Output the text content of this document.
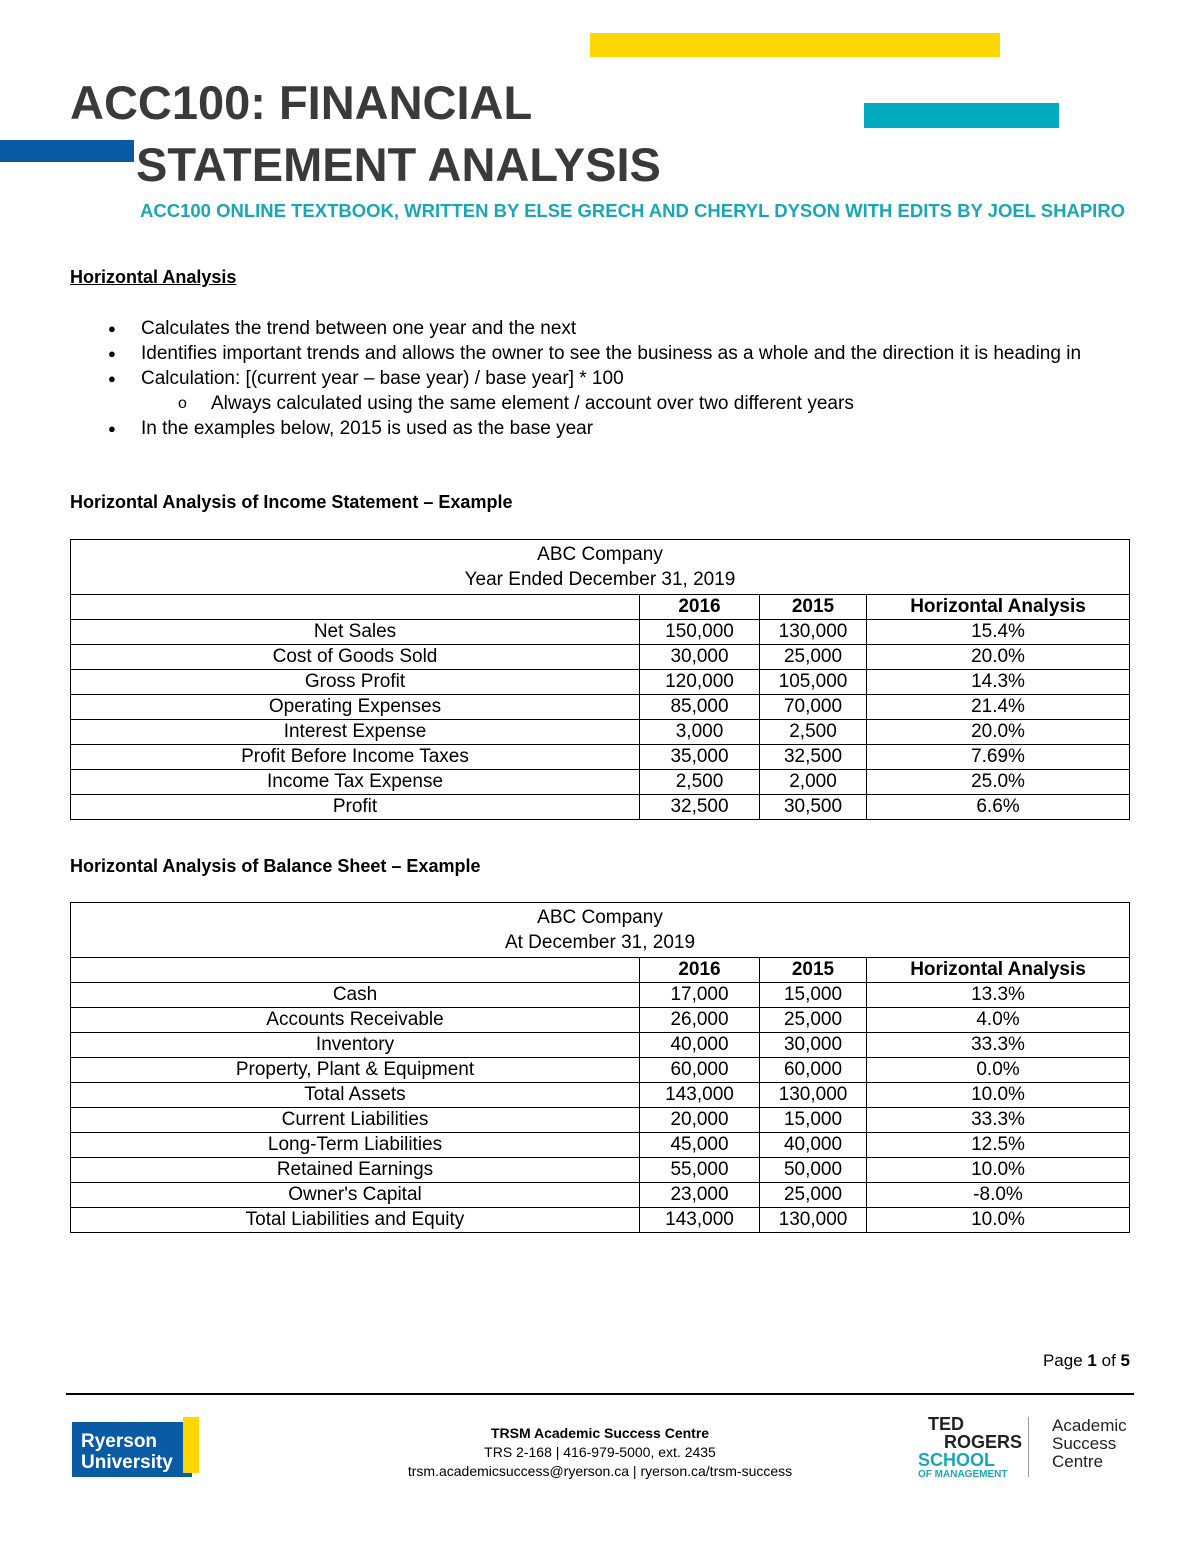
ACC100: FINANCIAL
STATEMENT ANALYSIS
ACC100 ONLINE TEXTBOOK, WRITTEN BY ELSE GRECH AND CHERYL DYSON WITH EDITS BY JOEL SHAPIRO
Horizontal Analysis
● Calculates the trend between one year and the next
● Identifies important trends and allows the owner to see the business as a whole and the direction it is heading in
● Calculation: [(current year – base year) / base year] * 100
o Always calculated using the same element / account over two different years
● In the examples below, 2015 is used as the base year
Horizontal Analysis of Income Statement – Example
ABC Company
Year Ended December 31, 2019			

	2016	2015	Horizontal Analysis
Net Sales	150,000	130,000	15.4%
Cost of Goods Sold	30,000	25,000	20.0%
Gross Profit	120,000	105,000	14.3%
Operating Expenses	85,000	70,000	21.4%
Interest Expense	3,000	2,500	20.0%
Profit Before Income Taxes	35,000	32,500	7.69%
Income Tax Expense	2,500	2,000	25.0%
Profit	32,500	30,500	6.6%
Horizontal Analysis of Balance Sheet – Example
ABC Company
At December 31, 2019			

	2016	2015	Horizontal Analysis
Cash	17,000	15,000	13.3%
Accounts Receivable	26,000	25,000	4.0%
Inventory	40,000	30,000	33.3%
Property, Plant & Equipment	60,000	60,000	0.0%
Total Assets	143,000	130,000	10.0%
Current Liabilities	20,000	15,000	33.3%
Long-Term Liabilities	45,000	40,000	12.5%
Retained Earnings	55,000	50,000	10.0%
Owner's Capital	23,000	25,000	-8.0%
Total Liabilities and Equity	143,000	130,000	10.0%
Page 1 of 5
Ryerson
University
TRSM Academic Success Centre
TRS 2-168 | 416-979-5000, ext. 2435
trsm.academicsuccess@ryerson.ca | ryerson.ca/trsm-success
TED
ROGERS
SCHOOL
OF MANAGEMENT
Academic
Success
Centre
